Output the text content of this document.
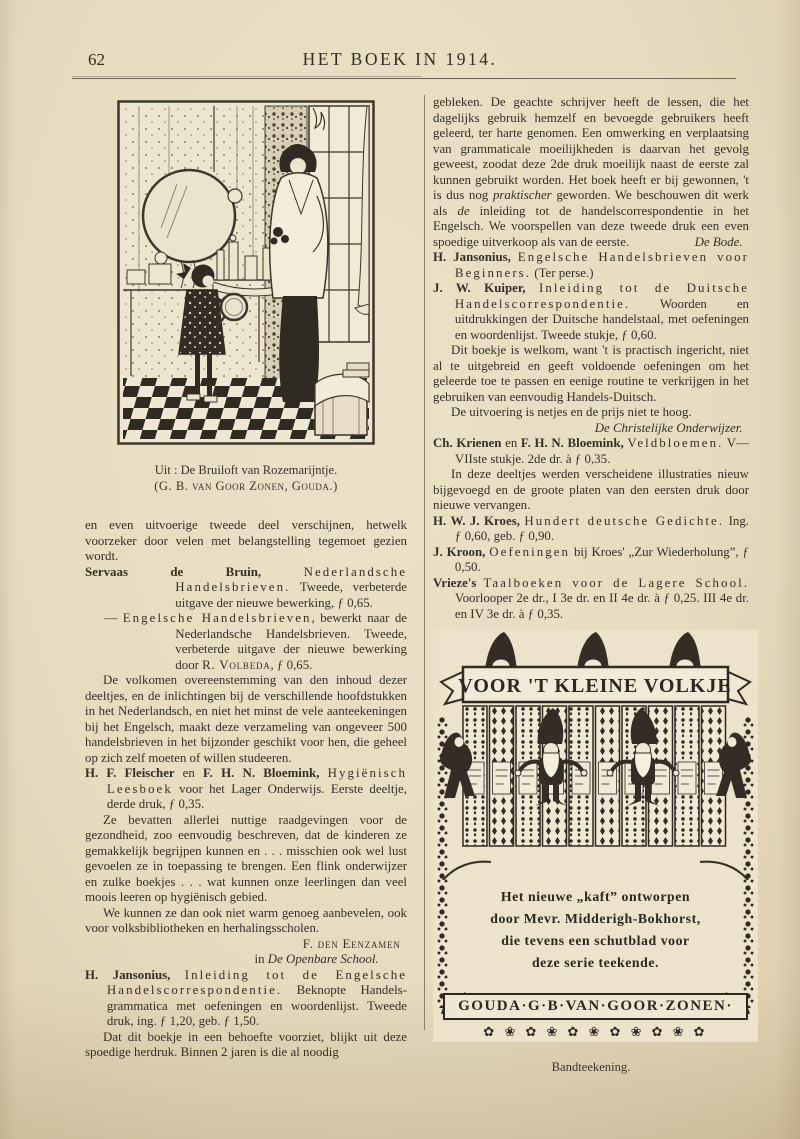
62	HET BOEK IN 1914.
Uit : De Bruiloft van Rozemarijntje.
(G. B. van Goor Zonen, Gouda.)

en even uitvoerige tweede deel verschijnen, hetwelk voorzeker door velen met belangstelling tegemoet gezien wordt.

Servaas de Bruin, Nederlandsche Handelsbrieven. Tweede, verbeterde uitgave der nieuwe bewerking, ƒ 0,65.

— Engelsche Handelsbrieven, bewerkt naar de Nederlandsche Handelsbrieven. Tweede, verbeterde uitgave der nieuwe bewerking door R. Volbeda, ƒ 0,65.

De volkomen overeenstemming van den inhoud dezer deeltjes, en de inlichtingen bij de verschillende hoofdstukken in het Nederlandsch, en niet het minst de vele aanteekeningen bij het Engelsch, maakt deze verzameling van ongeveer 500 handelsbrieven in het bijzonder geschikt voor hen, die geheel op zich zelf moeten of willen studeeren.

H. F. Fleischer en F. H. N. Bloemink, Hygiënisch Leesboek voor het Lager Onderwijs. Eerste deeltje, derde druk, ƒ 0,35.

Ze bevatten allerlei nuttige raadgevingen voor de gezondheid, zoo eenvoudig beschreven, dat de kinderen ze gemakkelijk begrijpen kunnen en . . . misschien ook wel lust gevoelen ze in toepassing te brengen. Een flink onderwijzer en zulke boekjes . . . wat kunnen onze leerlingen dan veel moois leeren op hygiënisch gebied.

We kunnen ze dan ook niet warm genoeg aanbevelen, ook voor volksbibliotheken en herhalingsscholen.

F. den Eenzamen

in De Openbare School.

H. Jansonius, Inleiding tot de Engelsche Handelscorrespondentie. Beknopte Handels-grammatica met oefeningen en woordenlijst. Tweede druk, ing. ƒ 1,20, geb. ƒ 1,50.

Dat dit boekje in een behoefte voorziet, blijkt uit deze spoedige herdruk. Binnen 2 jaren is die al noodig

gebleken. De geachte schrijver heeft de lessen, die het dagelijks gebruik hemzelf en bevoegde gebruikers heeft geleerd, ter harte genomen. Een omwerking en verplaatsing van grammaticale moeilijkheden is daarvan het gevolg geweest, zoodat deze 2de druk moeilijk naast de eerste zal kunnen gebruikt worden. Het boek heeft er bij gewonnen, 't is dus nog praktischer geworden. We beschouwen dit werk als de inleiding tot de handelscorrespondentie in het Engelsch. We voorspellen van deze tweede druk een even spoedige uitverkoop als van de eerste.	De Bode.

H. Jansonius, Engelsche Handelsbrieven voor Beginners. (Ter perse.)

J. W. Kuiper, Inleiding tot de Duitsche Handelscorrespondentie. Woorden en uitdrukkingen der Duitsche handelstaal, met oefeningen en woordenlijst. Tweede stukje, ƒ 0,60.

Dit boekje is welkom, want 't is practisch ingericht, niet al te uitgebreid en geeft voldoende oefeningen om het geleerde toe te passen en eenige routine te verkrijgen in het gebruiken van eenvoudig Handels-Duitsch.

De uitvoering is netjes en de prijs niet te hoog.

De Christelijke Onderwijzer.

Ch. Krienen en F. H. N. Bloemink, Veldbloemen. V—VIIste stukje. 2de dr. à ƒ 0,35.

In deze deeltjes werden verscheidene illustraties nieuw bijgevoegd en de groote platen van den eersten druk door nieuwe vervangen.

H. W. J. Kroes, Hundert deutsche Gedichte. Ing. ƒ 0,60, geb. ƒ 0,90.

J. Kroon, Oefeningen bij Kroes' „Zur Wiederholung”, ƒ 0,50.

Vrieze's Taalboeken voor de Lagere School. Voorlooper 2e dr., I 3e dr. en II 4e dr. à ƒ 0,25. III 4e dr. en IV 3e dr. à ƒ 0,35.

VOOR 'T KLEINE VOLKJE
Het nieuwe „kaft” ontworpen
door Mevr. Midderigh-Bokhorst,
die tevens een schutblad voor
deze serie teekende.
GOUDA·G·B·VAN·GOOR·ZONEN·
✿ ❀ ✿ ❀ ✿ ❀ ✿ ❀ ✿ ❀ ✿
Bandteekening.
